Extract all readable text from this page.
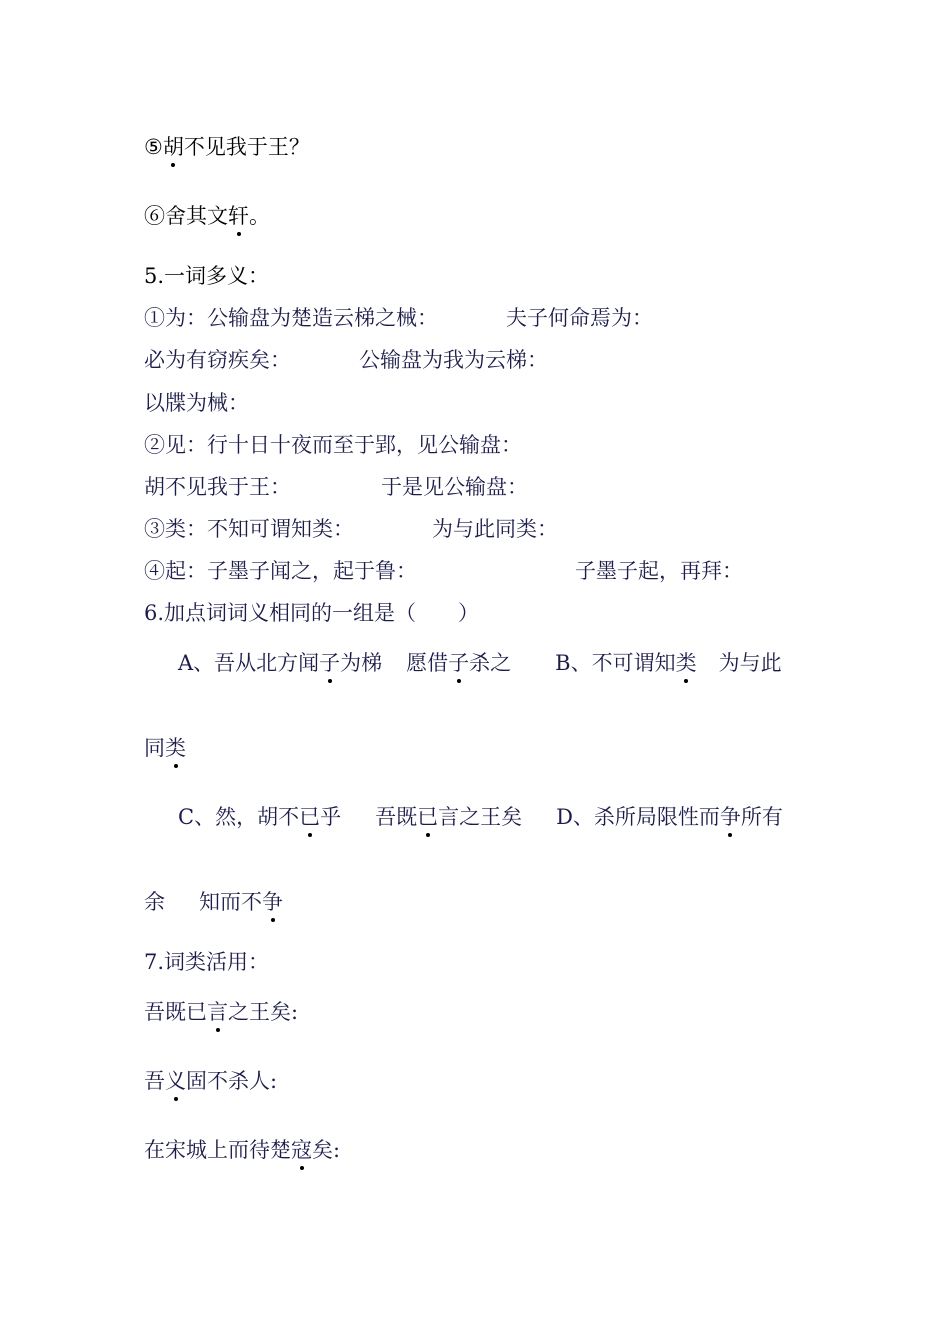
⑤胡不见我于王？
⑥舍其文轩。
5.一词多义：
①为：公输盘为楚造云梯之械：	夫子何命焉为：
必为有窃疾矣：	公输盘为我为云梯：
以牒为械：
②见：行十日十夜而至于郢，见公输盘：
胡不见我于王：	于是见公输盘：
③类：不知可谓知类：	为与此同类：
④起：子墨子闻之，起于鲁：	子墨子起，再拜：
6.加点词词义相同的一组是（　　）
A、吾从北方闻子为梯 愿借子杀之 B、不可谓知类 为与此
同类
C、然，胡不已乎 吾既已言之王矣 D、杀所局限性而争所有
余 知而不争
7.词类活用：
吾既已言之王矣:
吾义固不杀人:
在宋城上而待楚寇矣:
